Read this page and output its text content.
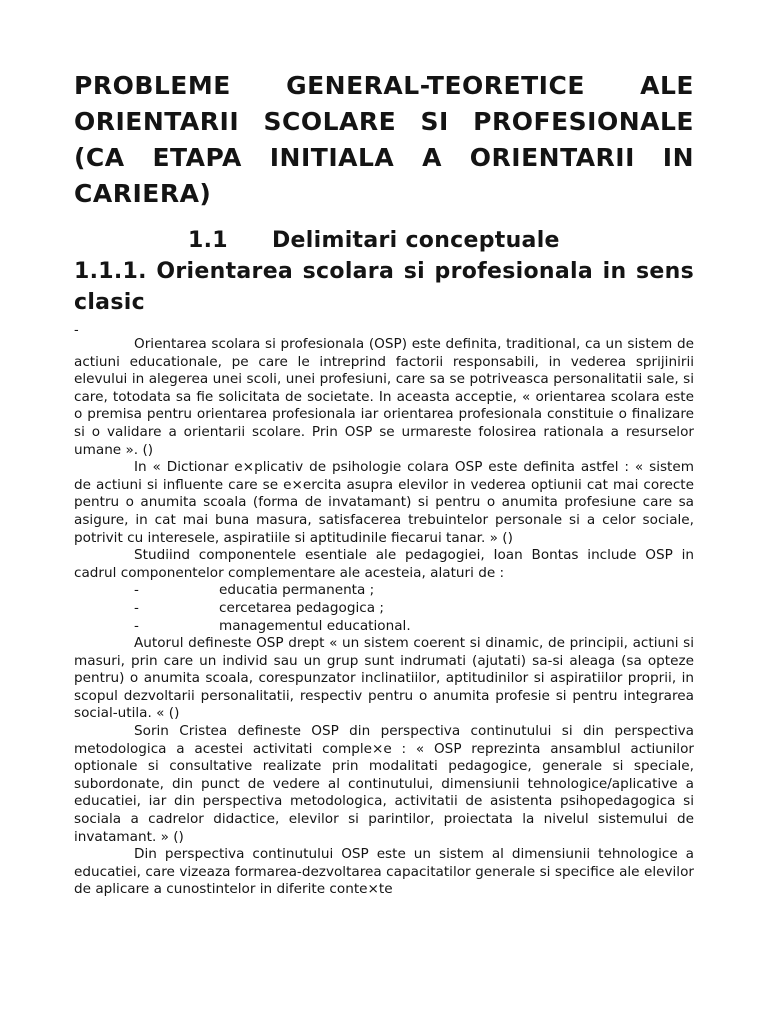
PROBLEME GENERAL-TEORETICE ALE ORIENTARII SCOLARE SI PROFESIONALE (CA ETAPA INITIALA A ORIENTARII IN CARIERA)
1.1 Delimitari conceptuale
1.1.1. Orientarea scolara si profesionala in sens clasic

-

Orientarea scolara si profesionala (OSP) este definita, traditional, ca un sistem de actiuni educationale, pe care le intreprind factorii responsabili, in vederea sprijinirii elevului in alegerea unei scoli, unei profesiuni, care sa se potriveasca personalitatii sale, si care, totodata sa fie solicitata de societate. In aceasta acceptie, « orientarea scolara este o premisa pentru orientarea profesionala iar orientarea profesionala constituie o finalizare si o validare a orientarii scolare. Prin OSP se urmareste folosirea rationala a resurselor umane ». ()

In « Dictionar e×plicativ de psihologie colara OSP este definita astfel : « sistem de actiuni si influente care se e×ercita asupra elevilor in vederea optiunii cat mai corecte pentru o anumita scoala (forma de invatamant) si pentru o anumita profesiune care sa asigure, in cat mai buna masura, satisfacerea trebuintelor personale si a celor sociale, potrivit cu interesele, aspiratiile si aptitudinile fiecarui tanar. » ()

Studiind componentele esentiale ale pedagogiei, Ioan Bontas include OSP in cadrul componentelor complementare ale acesteia, alaturi de :

-	educatia permanenta ;
-	cercetarea pedagogica ;
-	managementul educational.

Autorul defineste OSP drept « un sistem coerent si dinamic, de principii, actiuni si masuri, prin care un individ sau un grup sunt indrumati (ajutati) sa-si aleaga (sa opteze pentru) o anumita scoala, corespunzator inclinatiilor, aptitudinilor si aspiratiilor proprii, in scopul dezvoltarii personalitatii, respectiv pentru o anumita profesie si pentru integrarea social-utila. « ()

Sorin Cristea defineste OSP din perspectiva continutului si din perspectiva metodologica a acestei activitati comple×e : « OSP reprezinta ansamblul actiunilor optionale si consultative realizate prin modalitati pedagogice, generale si speciale, subordonate, din punct de vedere al continutului, dimensiunii tehnologice/aplicative a educatiei, iar din perspectiva metodologica, activitatii de asistenta psihopedagogica si sociala a cadrelor didactice, elevilor si parintilor, proiectata la nivelul sistemului de invatamant. » ()

Din perspectiva continutului OSP este un sistem al dimensiunii tehnologice a educatiei, care vizeaza formarea-dezvoltarea capacitatilor generale si specifice ale elevilor de aplicare a cunostintelor in diferite conte×te
